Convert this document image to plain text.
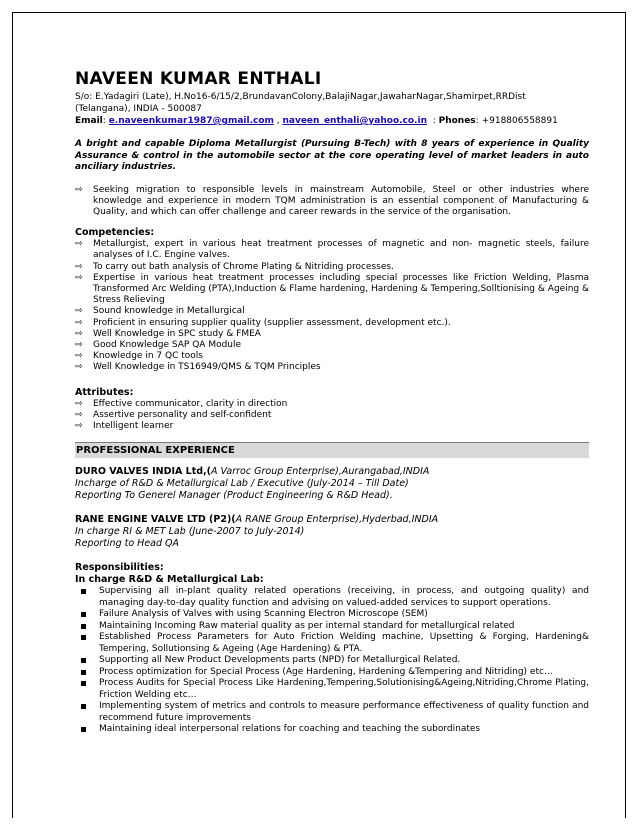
NAVEEN KUMAR ENTHALI
S/o: E.Yadagiri (Late), H.No16-6/15/2,BrundavanColony,BalajiNagar,JawaharNagar,Shamirpet,RRDist
(Telangana), INDIA - 500087
Email: e.naveenkumar1987@gmail.com , naveen_enthali@yahoo.co.in  : Phones: +918806558891
A bright and capable Diploma Metallurgist (Pursuing B-Tech) with 8 years of experience in Quality Assurance & control in the automobile sector at the core operating level of market leaders in auto anciliary industries.
⇨	Seeking migration to responsible levels in mainstream Automobile, Steel or other industries where knowledge and experience in modern TQM administration is an essential component of Manufacturing & Quality, and which can offer challenge and career rewards in the service of the organisation.
Competencies:
⇨	Metallurgist, expert in various heat treatment processes of magnetic and non- magnetic steels, failure analyses of I.C. Engine valves.
⇨	To carry out bath analysis of Chrome Plating & Nitriding processes.
⇨	Expertise in various heat treatment processes including special processes like Friction Welding, Plasma Transformed Arc Welding (PTA),Induction & Flame hardening, Hardening & Tempering,Solltionising & Ageing & Stress Relieving
⇨	Sound knowledge in Metallurgical
⇨	Proficient in ensuring supplier quality (supplier assessment, development etc.).
⇨	Well Knowledge in SPC study & FMEA
⇨	Good Knowledge SAP QA Module
⇨	Knowledge in 7 QC tools
⇨	Well Knowledge in TS16949/QMS & TQM Principles
Attributes:
⇨	Effective communicator, clarity in direction
⇨	Assertive personality and self-confident
⇨	Intelligent learner
PROFESSIONAL EXPERIENCE
DURO VALVES INDIA Ltd,(A Varroc Group Enterprise),Aurangabad,INDIA
Incharge of R&D & Metallurgical Lab / Executive (July-2014 – Till Date)
Reporting To Generel Manager (Product Engineering & R&D Head).
RANE ENGINE VALVE LTD (P2)(A RANE Group Enterprise),Hyderbad,INDIA
In charge RI & MET Lab (June-2007 to July-2014)
Reporting to Head QA
Responsibilities:
In charge R&D & Metallurgical Lab:
Supervising all in-plant quality related operations (receiving, in process, and outgoing quality) and managing day-to-day quality function and advising on valued-added services to support operations.
Failure Analysis of Valves with using Scanning Electron Microscope (SEM)
Maintaining Incoming Raw material quality as per internal standard for metallurgical related
Established Process Parameters for Auto Friction Welding machine, Upsetting & Forging, Hardening& Tempering, Sollutionsing & Ageing (Age Hardening) & PTA.
Supporting all New Product Developments parts (NPD) for Metallurgical Related.
Process optimization for Special Process (Age Hardening, Hardening &Tempering and Nitriding) etc…
Process Audits for Special Process Like Hardening,Tempering,Solutionising&Ageing,Nitriding,Chrome Plating, Friction Welding etc…
Implementing system of metrics and controls to measure performance effectiveness of quality function and recommend future improvements
Maintaining ideal interpersonal relations for coaching and teaching the subordinates
